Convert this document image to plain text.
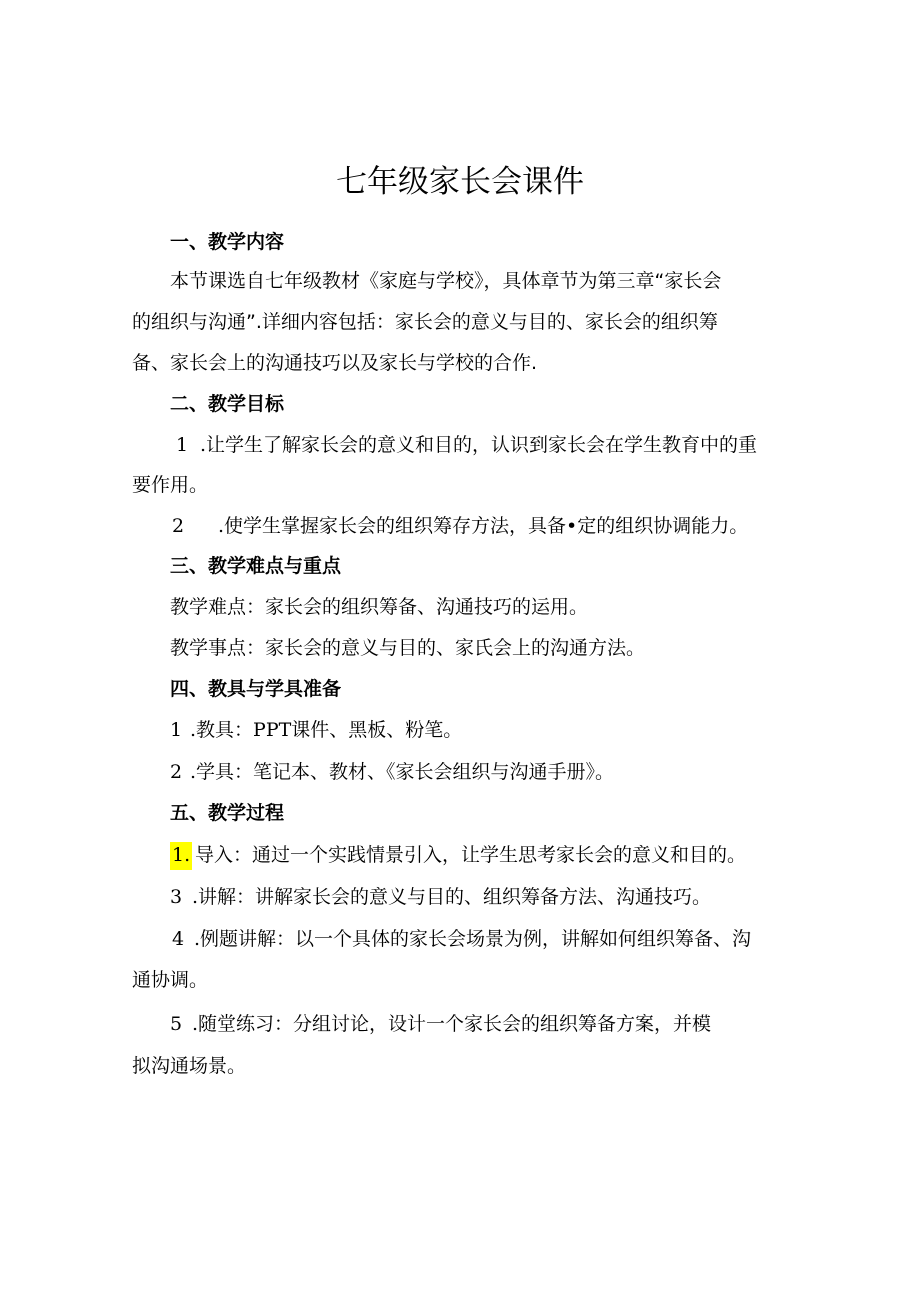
七年级家长会课件
一、教学内容
本节课选自七年级教材《家庭与学校》，具体章节为第三章“家长会
的组织与沟通”.详细内容包括：家长会的意义与目的、家长会的组织筹
备、家长会上的沟通技巧以及家长与学校的合作.
二、教学目标
1 .让学生了解家长会的意义和目的，认识到家长会在学生教育中的重
要作用。
2 .使学生掌握家长会的组织筹存方法，具备•定的组织协调能力。
三、教学难点与重点
教学难点：家长会的组织筹备、沟通技巧的运用。
教学事点：家长会的意义与目的、家氏会上的沟通方法。
四、教具与学具准备
1 .教具：PPT课件、黑板、粉笔。
2 .学具：笔记本、教材、《家长会组织与沟通手册》。
五、教学过程
1. 导入：通过一个实践情景引入，让学生思考家长会的意义和目的。
3 .讲解：讲解家长会的意义与目的、组织筹备方法、沟通技巧。
4 .例题讲解：以一个具体的家长会场景为例，讲解如何组织筹备、沟
通协调。
5 .随堂练习：分组讨论，设计一个家长会的组织筹备方案，并模
拟沟通场景。
